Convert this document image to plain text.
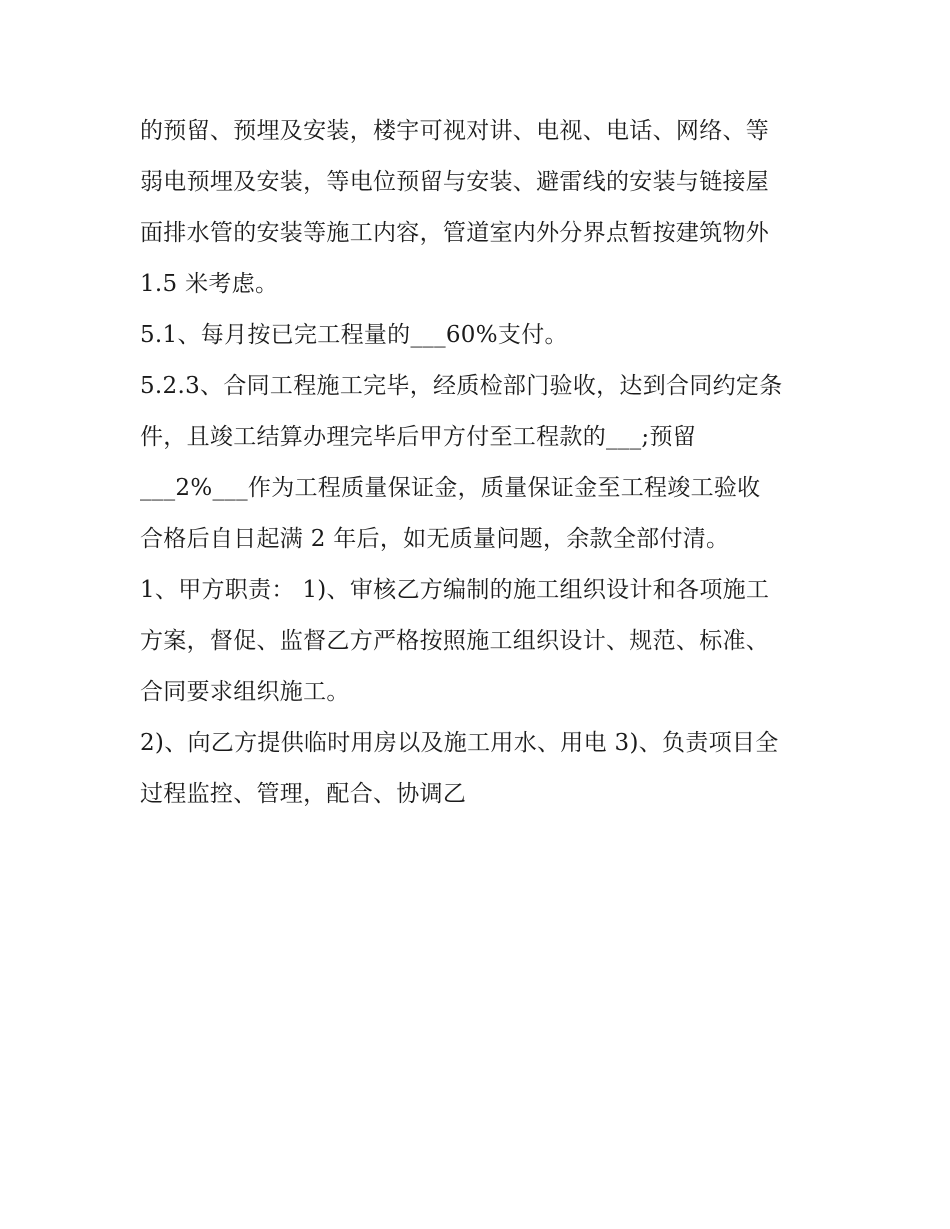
的预留、预埋及安装，楼宇可视对讲、电视、电话、网络、等
弱电预埋及安装，等电位预留与安装、避雷线的安装与链接屋
面排水管的安装等施工内容，管道室内外分界点暂按建筑物外
1.5 米考虑。
5.1、每月按已完工程量的___60%支付。
5.2.3、合同工程施工完毕，经质检部门验收，达到合同约定条
件，且竣工结算办理完毕后甲方付至工程款的___;预留
___2%___作为工程质量保证金，质量保证金至工程竣工验收
合格后自日起满 2 年后，如无质量问题，余款全部付清。
1、甲方职责： 1)、审核乙方编制的施工组织设计和各项施工
方案，督促、监督乙方严格按照施工组织设计、规范、标准、
合同要求组织施工。
2)、向乙方提供临时用房以及施工用水、用电 3)、负责项目全
过程监控、管理，配合、协调乙
